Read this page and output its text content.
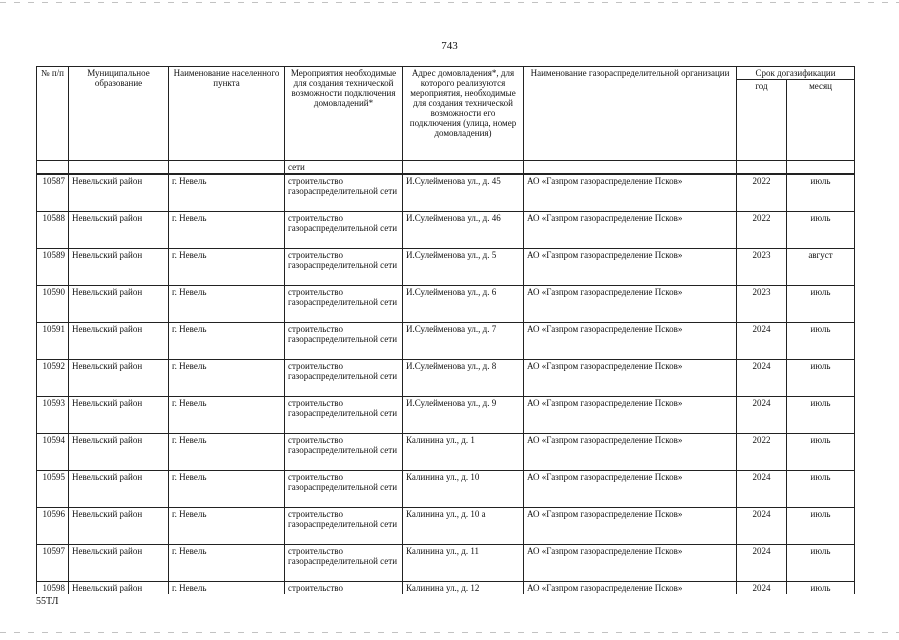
743
№ п/п	Муниципальное образование	Наименование населенного пункта	Мероприятия необходимые для создания технической возможности подключения домовладений*	Адрес домовладения*, для которого реализуются мероприятия, необходимые для создания технической возможности его подключения (улица, номер домовладения)	Наименование газораспределительной организации	Срок догазификации	
						год	месяц
			сети				
10587	Невельский район	г. Невель	строительство газораспределительной сети	И.Сулейменова ул., д. 45	АО «Газпром газораспределение Псков»	2022	июль
10588	Невельский район	г. Невель	строительство газораспределительной сети	И.Сулейменова ул., д. 46	АО «Газпром газораспределение Псков»	2022	июль
10589	Невельский район	г. Невель	строительство газораспределительной сети	И.Сулейменова ул., д. 5	АО «Газпром газораспределение Псков»	2023	август
10590	Невельский район	г. Невель	строительство газораспределительной сети	И.Сулейменова ул., д. 6	АО «Газпром газораспределение Псков»	2023	июль
10591	Невельский район	г. Невель	строительство газораспределительной сети	И.Сулейменова ул., д. 7	АО «Газпром газораспределение Псков»	2024	июль
10592	Невельский район	г. Невель	строительство газораспределительной сети	И.Сулейменова ул., д. 8	АО «Газпром газораспределение Псков»	2024	июль
10593	Невельский район	г. Невель	строительство газораспределительной сети	И.Сулейменова ул., д. 9	АО «Газпром газораспределение Псков»	2024	июль
10594	Невельский район	г. Невель	строительство газораспределительной сети	Калинина ул., д. 1	АО «Газпром газораспределение Псков»	2022	июль
10595	Невельский район	г. Невель	строительство газораспределительной сети	Калинина ул., д. 10	АО «Газпром газораспределение Псков»	2024	июль
10596	Невельский район	г. Невель	строительство газораспределительной сети	Калинина ул., д. 10 а	АО «Газпром газораспределение Псков»	2024	июль
10597	Невельский район	г. Невель	строительство газораспределительной сети	Калинина ул., д. 11	АО «Газпром газораспределение Псков»	2024	июль
10598	Невельский район	г. Невель	строительство	Калинина ул., д. 12	АО «Газпром газораспределение Псков»	2024	июль
55ТЛ
